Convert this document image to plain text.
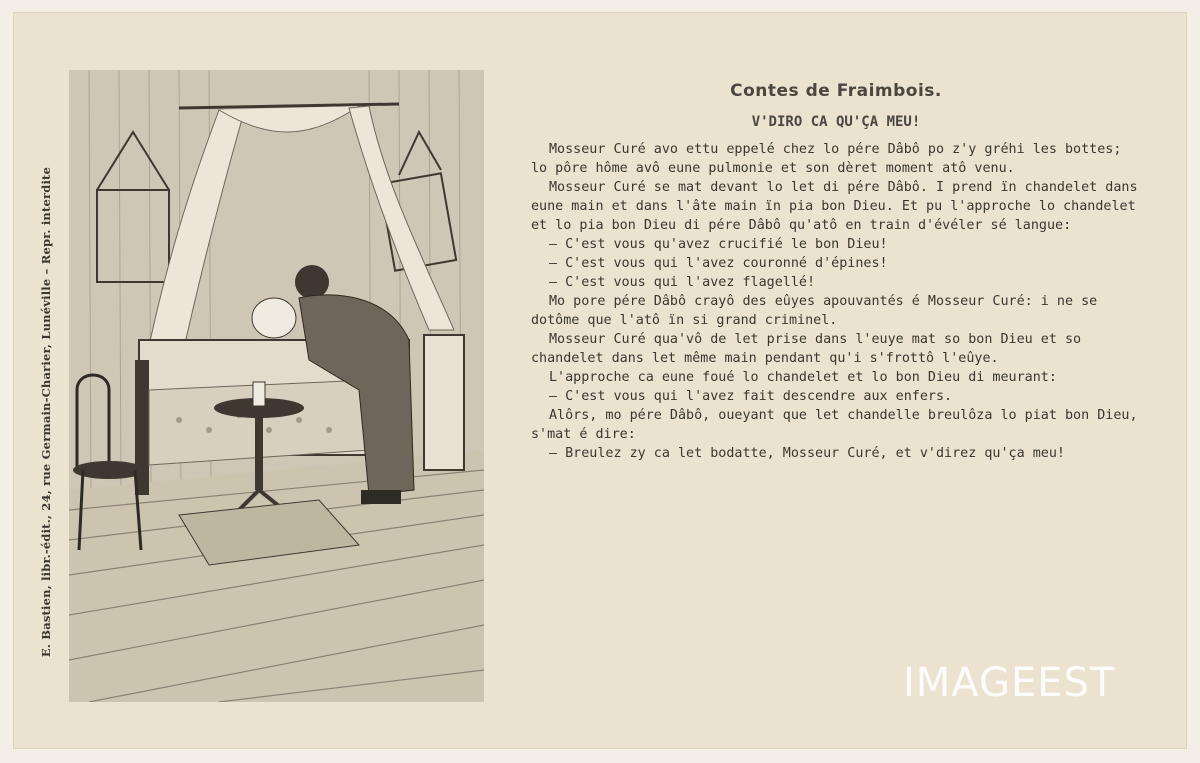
E. Bastien, libr.-édit., 24, rue Germain-Charier, Lunéville – Repr. interdite
Contes de Fraimbois.
V'DIRO CA QU'ÇA MEU!

Mosseur Curé avo ettu eppelé chez lo pére Dâbô po z'y gréhi les bottes; lo pôre hôme avô eune pulmonie et son dèret moment atô venu.

Mosseur Curé se mat devant lo let di pére Dâbô. I prend ïn chandelet dans eune main et dans l'âte main ïn pia bon Dieu. Et pu l'approche lo chandelet et lo pia bon Dieu di pére Dâbô qu'atô en train d'évéler sé langue:

— C'est vous qu'avez crucifié le bon Dieu!

— C'est vous qui l'avez couronné d'épines!

— C'est vous qui l'avez flagellé!

Mo pore pére Dâbô crayô des eûyes apouvantés é Mosseur Curé: i ne se dotôme que l'atô ïn si grand criminel.

Mosseur Curé qua'vô de let prise dans l'euye mat so bon Dieu et so chandelet dans let même main pendant qu'i s'frottô l'eûye.

L'approche ca eune foué lo chandelet et lo bon Dieu di meurant:

— C'est vous qui l'avez fait descendre aux enfers.

Alôrs, mo pére Dâbô, oueyant que let chandelle breulôza lo piat bon Dieu, s'mat é dire:

— Breulez zy ca let bodatte, Mosseur Curé, et v'direz qu'ça meu!

IMAGEEST
